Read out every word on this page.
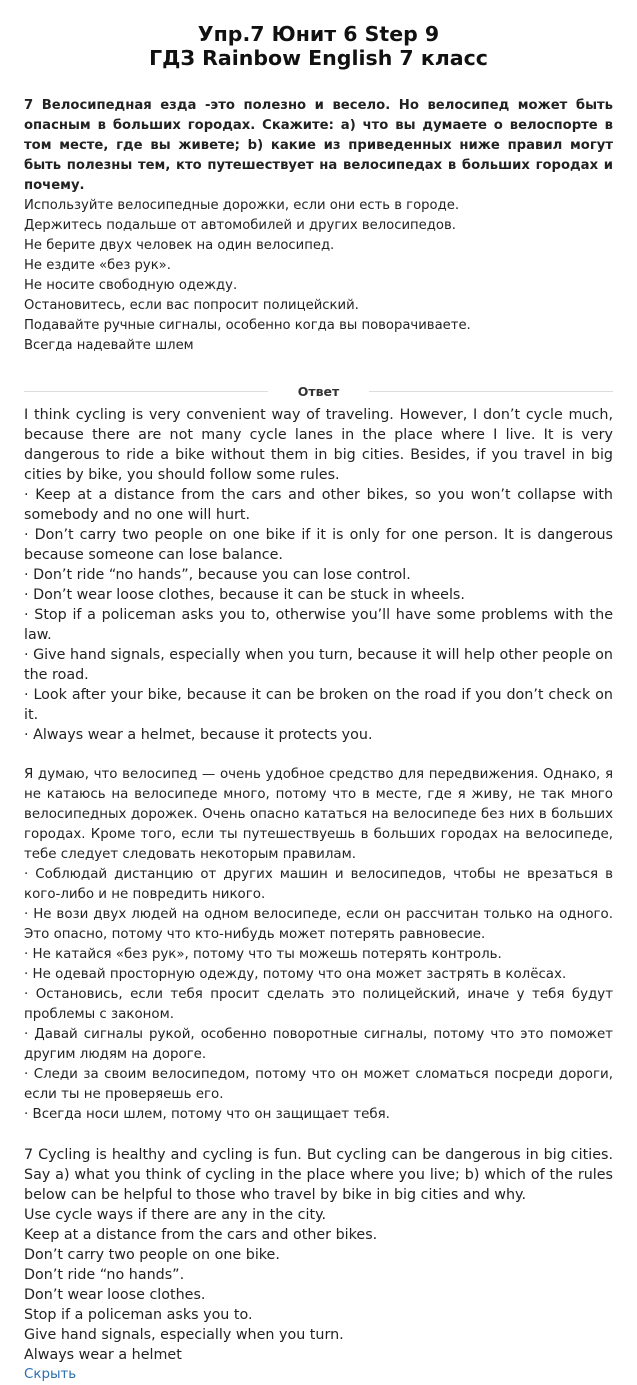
Упр.7 Юнит 6 Step 9
ГДЗ Rainbow English 7 класс
7 Велосипедная езда -это полезно и весело. Но велосипед может быть опасным в больших городах. Скажите: а) что вы думаете о велоспорте в том месте, где вы живете; b) какие из приведенных ниже правил могут быть полезны тем, кто путешествует на велосипедах в больших городах и почему.
Используйте велосипедные дорожки, если они есть в городе.
Держитесь подальше от автомобилей и других велосипедов.
Не берите двух человек на один велосипед.
Не ездите «без рук».
Не носите свободную одежду.
Остановитесь, если вас попросит полицейский.
Подавайте ручные сигналы, особенно когда вы поворачиваете.
Всегда надевайте шлем
Ответ
I think cycling is very convenient way of traveling. However, I don’t cycle much, because there are not many cycle lanes in the place where I live. It is very dangerous to ride a bike without them in big cities. Besides, if you travel in big cities by bike, you should follow some rules.
· Keep at a distance from the cars and other bikes, so you won’t collapse with somebody and no one will hurt.
· Don’t carry two people on one bike if it is only for one person. It is dangerous because someone can lose balance.
· Don’t ride “no hands”, because you can lose control.
· Don’t wear loose clothes, because it can be stuck in wheels.
· Stop if a policeman asks you to, otherwise you’ll have some problems with the law.
· Give hand signals, especially when you turn, because it will help other people on the road.
· Look after your bike, because it can be broken on the road if you don’t check on it.
· Always wear a helmet, because it protects you.
Я думаю, что велосипед — очень удобное средство для передвижения. Однако, я не катаюсь на велосипеде много, потому что в месте, где я живу, не так много велосипедных дорожек. Очень опасно кататься на велосипеде без них в больших городах. Кроме того, если ты путешествуешь в больших городах на велосипеде, тебе следует следовать некоторым правилам.
· Соблюдай дистанцию от других машин и велосипедов, чтобы не врезаться в кого-либо и не повредить никого.
· Не вози двух людей на одном велосипеде, если он рассчитан только на одного. Это опасно, потому что кто-нибудь может потерять равновесие.
· Не катайся «без рук», потому что ты можешь потерять контроль.
· Не одевай просторную одежду, потому что она может застрять в колёсах.
· Остановись, если тебя просит сделать это полицейский, иначе у тебя будут проблемы с законом.
· Давай сигналы рукой, особенно поворотные сигналы, потому что это поможет другим людям на дороге.
· Следи за своим велосипедом, потому что он может сломаться посреди дороги, если ты не проверяешь его.
· Всегда носи шлем, потому что он защищает тебя.
7 Cycling is healthy and cycling is fun. But cycling can be dangerous in big cities. Say a) what you think of cycling in the place where you live; b) which of the rules below can be helpful to those who travel by bike in big cities and why.
Use cycle ways if there are any in the city.
Keep at a distance from the cars and other bikes.
Don’t carry two people on one bike.
Don’t ride “no hands”.
Don’t wear loose clothes.
Stop if a policeman asks you to.
Give hand signals, especially when you turn.
Always wear a helmet
Скрыть
